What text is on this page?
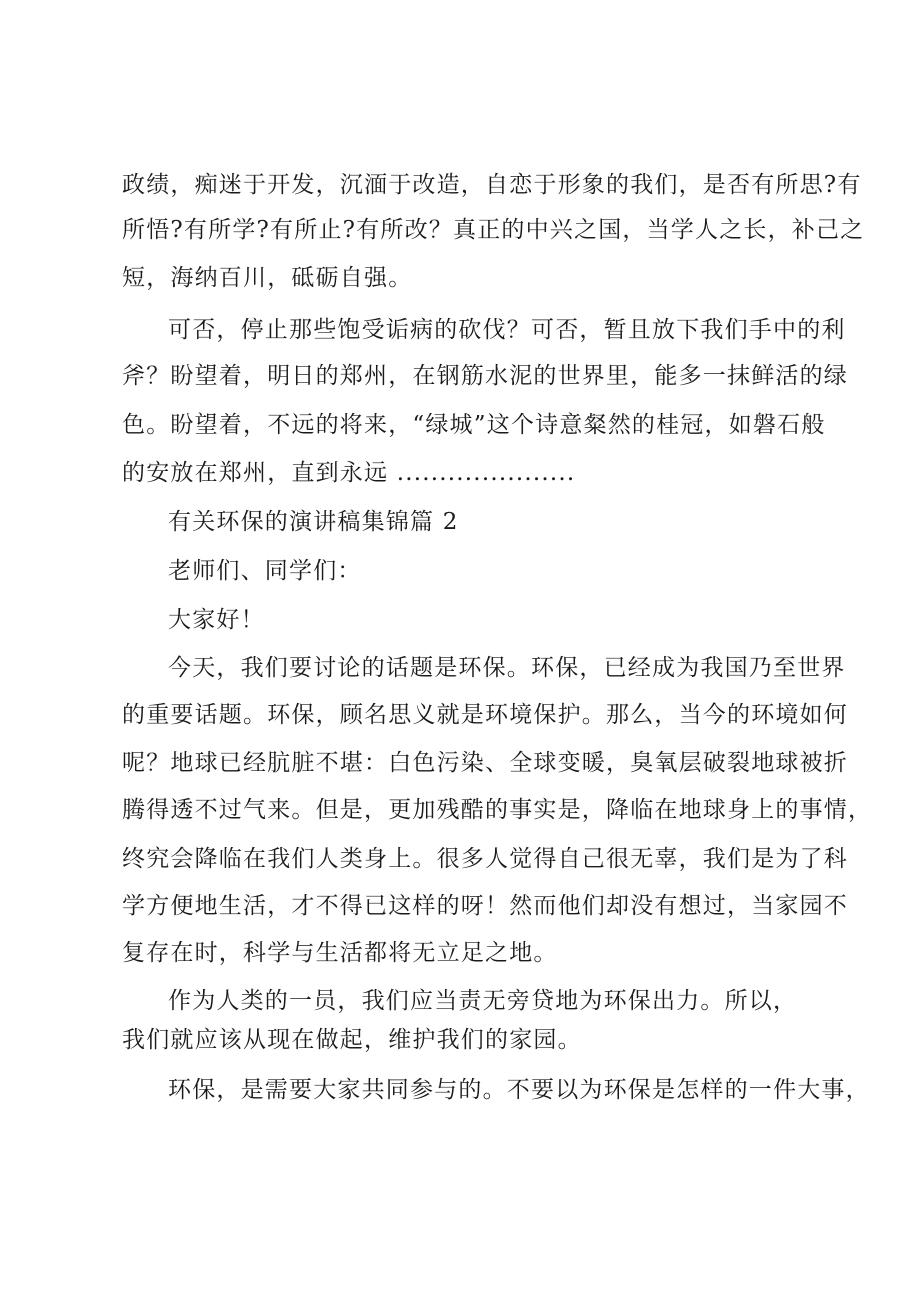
政绩，痴迷于开发，沉湎于改造，自恋于形象的我们，是否有所思?有
所悟?有所学?有所止?有所改？真正的中兴之国，当学人之长，补己之
短，海纳百川，砥砺自强。
可否，停止那些饱受诟病的砍伐？可否，暂且放下我们手中的利
斧？盼望着，明日的郑州，在钢筋水泥的世界里，能多一抹鲜活的绿
色。盼望着，不远的将来，“绿城”这个诗意粲然的桂冠，如磐石般
的安放在郑州，直到永远 .....................
有关环保的演讲稿集锦篇 2
老师们、同学们：
大家好！
今天，我们要讨论的话题是环保。环保，已经成为我国乃至世界
的重要话题。环保，顾名思义就是环境保护。那么，当今的环境如何
呢？地球已经肮脏不堪：白色污染、全球变暖，臭氧层破裂地球被折
腾得透不过气来。但是，更加残酷的事实是，降临在地球身上的事情，
终究会降临在我们人类身上。很多人觉得自己很无辜，我们是为了科
学方便地生活，才不得已这样的呀！然而他们却没有想过，当家园不
复存在时，科学与生活都将无立足之地。
作为人类的一员，我们应当责无旁贷地为环保出力。所以，
我们就应该从现在做起，维护我们的家园。
环保，是需要大家共同参与的。不要以为环保是怎样的一件大事，
